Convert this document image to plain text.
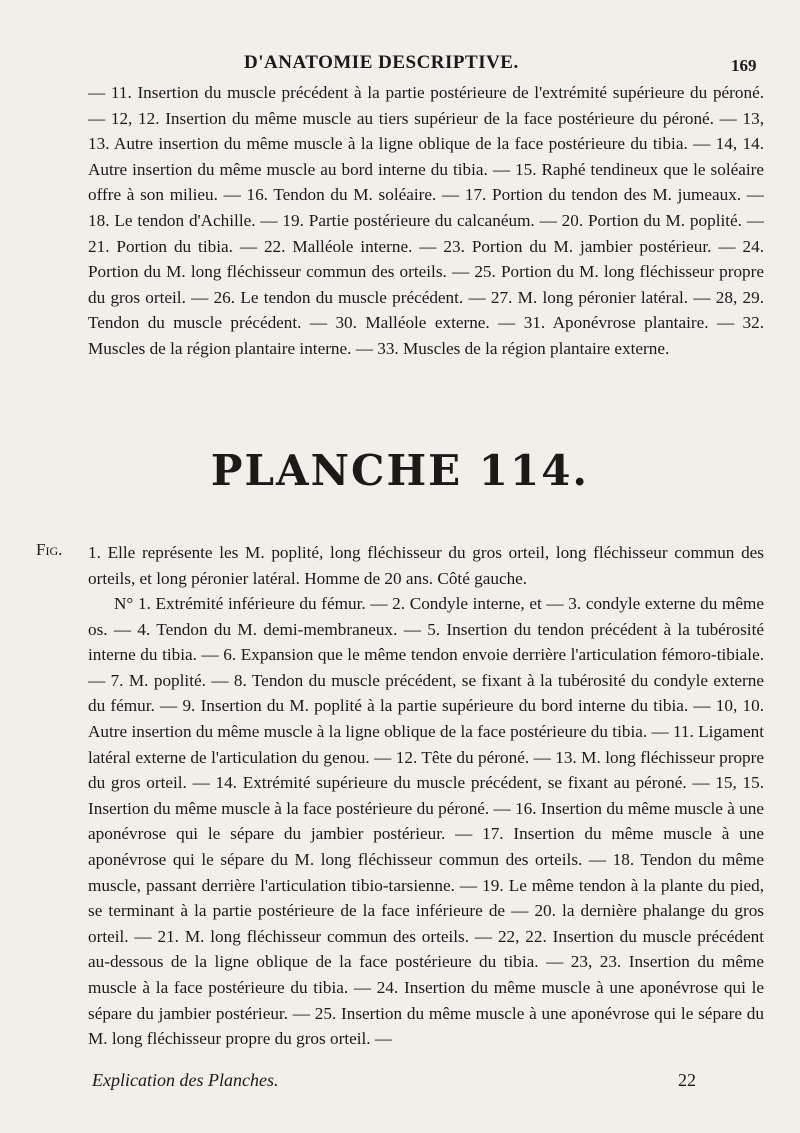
D'ANATOMIE DESCRIPTIVE.	169
— 11. Insertion du muscle précédent à la partie postérieure de l'extrémité supérieure du péroné. — 12, 12. Insertion du même muscle au tiers supérieur de la face postérieure du péroné. — 13, 13. Autre insertion du même muscle à la ligne oblique de la face postérieure du tibia. — 14, 14. Autre insertion du même muscle au bord interne du tibia. — 15. Raphé tendineux que le soléaire offre à son milieu. — 16. Tendon du M. soléaire. — 17. Portion du tendon des M. jumeaux. — 18. Le tendon d'Achille. — 19. Partie postérieure du calcanéum. — 20. Portion du M. poplité. — 21. Portion du tibia. — 22. Malléole interne. — 23. Portion du M. jambier postérieur. — 24. Portion du M. long fléchisseur commun des orteils. — 25. Portion du M. long fléchisseur propre du gros orteil. — 26. Le tendon du muscle précédent. — 27. M. long péronier latéral. — 28, 29. Tendon du muscle précédent. — 30. Malléole externe. — 31. Aponévrose plantaire. — 32. Muscles de la région plantaire interne. — 33. Muscles de la région plantaire externe.
PLANCHE 114.
Fig. 1. Elle représente les M. poplité, long fléchisseur du gros orteil, long fléchisseur commun des orteils, et long péronier latéral. Homme de 20 ans. Côté gauche.
N° 1. Extrémité inférieure du fémur. — 2. Condyle interne, et — 3. condyle externe du même os. — 4. Tendon du M. demi-membraneux. — 5. Insertion du tendon précédent à la tubérosité interne du tibia. — 6. Expansion que le même tendon envoie derrière l'articulation fémoro-tibiale. — 7. M. poplité. — 8. Tendon du muscle précédent, se fixant à la tubérosité du condyle externe du fémur. — 9. Insertion du M. poplité à la partie supérieure du bord interne du tibia. — 10, 10. Autre insertion du même muscle à la ligne oblique de la face postérieure du tibia. — 11. Ligament latéral externe de l'articulation du genou. — 12. Tête du péroné. — 13. M. long fléchisseur propre du gros orteil. — 14. Extrémité supérieure du muscle précédent, se fixant au péroné. — 15, 15. Insertion du même muscle à la face postérieure du péroné. — 16. Insertion du même muscle à une aponévrose qui le sépare du jambier postérieur. — 17. Insertion du même muscle à une aponévrose qui le sépare du M. long fléchisseur commun des orteils. — 18. Tendon du même muscle, passant derrière l'articulation tibio-tarsienne. — 19. Le même tendon à la plante du pied, se terminant à la partie postérieure de la face inférieure de — 20. la dernière phalange du gros orteil. — 21. M. long fléchisseur commun des orteils. — 22, 22. Insertion du muscle précédent au-dessous de la ligne oblique de la face postérieure du tibia. — 23, 23. Insertion du même muscle à la face postérieure du tibia. — 24. Insertion du même muscle à une aponévrose qui le sépare du jambier postérieur. — 25. Insertion du même muscle à une aponévrose qui le sépare du M. long fléchisseur propre du gros orteil. —
Explication des Planches.	22
